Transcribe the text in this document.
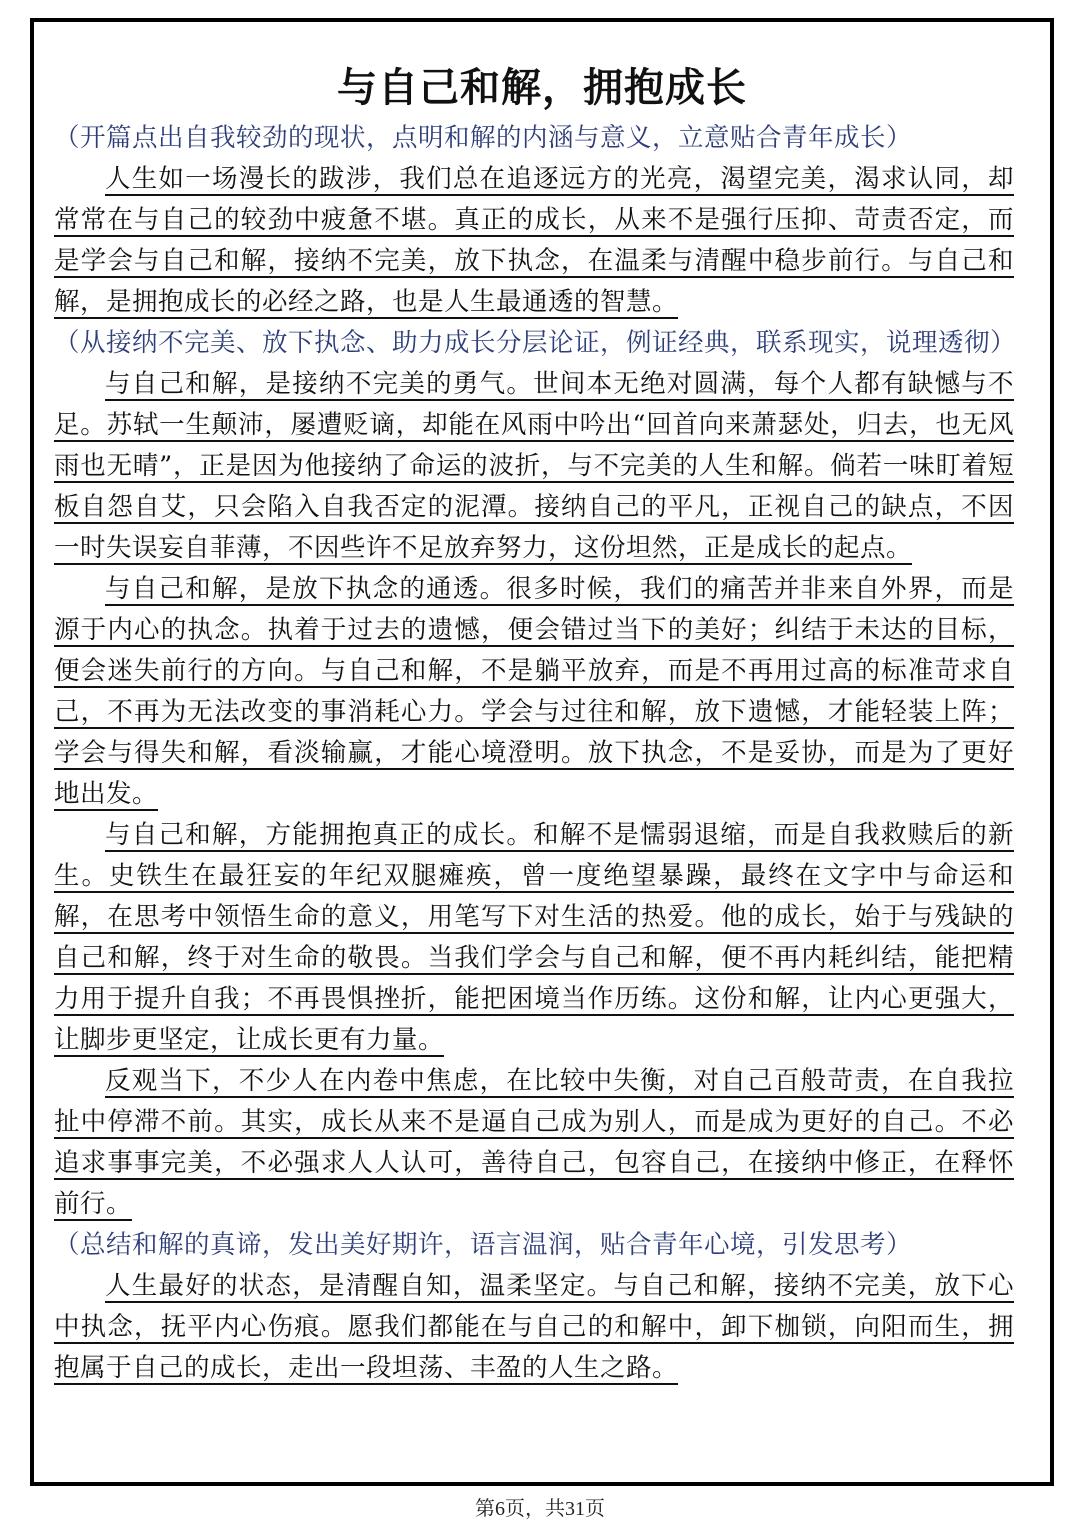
与自己和解，拥抱成长

（开篇点出自我较劲的现状，点明和解的内涵与意义，立意贴合青年成长）

人生如一场漫长的跋涉，我们总在追逐远方的光亮，渴望完美，渴求认同，却常常在与自己的较劲中疲惫不堪。真正的成长，从来不是强行压抑、苛责否定，而是学会与自己和解，接纳不完美，放下执念，在温柔与清醒中稳步前行。与自己和解，是拥抱成长的必经之路，也是人生最通透的智慧。

（从接纳不完美、放下执念、助力成长分层论证，例证经典，联系现实，说理透彻）

与自己和解，是接纳不完美的勇气。世间本无绝对圆满，每个人都有缺憾与不足。苏轼一生颠沛，屡遭贬谪，却能在风雨中吟出“回首向来萧瑟处，归去，也无风雨也无晴”，正是因为他接纳了命运的波折，与不完美的人生和解。倘若一味盯着短板自怨自艾，只会陷入自我否定的泥潭。接纳自己的平凡，正视自己的缺点，不因一时失误妄自菲薄，不因些许不足放弃努力，这份坦然，正是成长的起点。

与自己和解，是放下执念的通透。很多时候，我们的痛苦并非来自外界，而是源于内心的执念。执着于过去的遗憾，便会错过当下的美好；纠结于未达的目标，便会迷失前行的方向。与自己和解，不是躺平放弃，而是不再用过高的标准苛求自己，不再为无法改变的事消耗心力。学会与过往和解，放下遗憾，才能轻装上阵；学会与得失和解，看淡输赢，才能心境澄明。放下执念，不是妥协，而是为了更好地出发。

与自己和解，方能拥抱真正的成长。和解不是懦弱退缩，而是自我救赎后的新生。史铁生在最狂妄的年纪双腿瘫痪，曾一度绝望暴躁，最终在文字中与命运和解，在思考中领悟生命的意义，用笔写下对生活的热爱。他的成长，始于与残缺的自己和解，终于对生命的敬畏。当我们学会与自己和解，便不再内耗纠结，能把精力用于提升自我；不再畏惧挫折，能把困境当作历练。这份和解，让内心更强大，让脚步更坚定，让成长更有力量。

反观当下，不少人在内卷中焦虑，在比较中失衡，对自己百般苛责，在自我拉扯中停滞不前。其实，成长从来不是逼自己成为别人，而是成为更好的自己。不必追求事事完美，不必强求人人认可，善待自己，包容自己，在接纳中修正，在释怀前行。

（总结和解的真谛，发出美好期许，语言温润，贴合青年心境，引发思考）

人生最好的状态，是清醒自知，温柔坚定。与自己和解，接纳不完美，放下心中执念，抚平内心伤痕。愿我们都能在与自己的和解中，卸下枷锁，向阳而生，拥抱属于自己的成长，走出一段坦荡、丰盈的人生之路。

第6页，共31页
